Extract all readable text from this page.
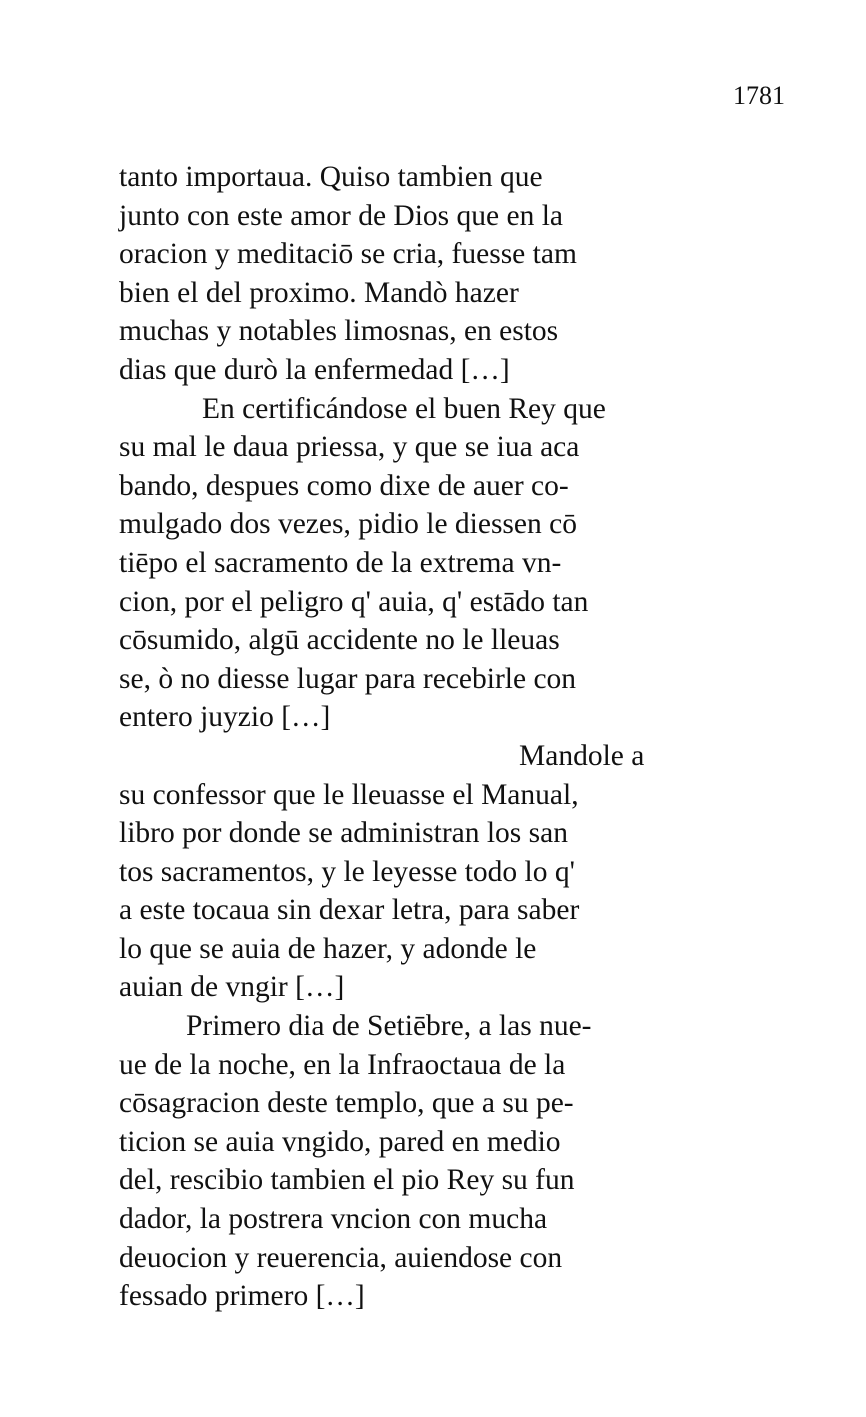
1781
tanto importaua. Quiso tambien que
junto con este amor de Dios que en la
oracion y meditaciō se cria, fuesse tam
bien el del proximo. Mandò hazer
muchas y notables limosnas, en estos
dias que durò la enfermedad […]
En certificándose el buen Rey que
su mal le daua priessa, y que se iua aca
bando, despues como dixe de auer co-
mulgado dos vezes, pidio le diessen cō
tiēpo el sacramento de la extrema vn-
cion, por el peligro q' auia, q' estādo tan
cōsumido, algū accidente no le lleuas
se, ò no diesse lugar para recebirle con
entero juyzio […]
Mandole a
su confessor que le lleuasse el Manual,
libro por donde se administran los san
tos sacramentos, y le leyesse todo lo q'
a este tocaua sin dexar letra, para saber
lo que se auia de hazer, y adonde le
auian de vngir […]
Primero dia de Setiēbre, a las nue-
ue de la noche, en la Infraoctaua de la
cōsagracion deste templo, que a su pe-
ticion se auia vngido, pared en medio
del, rescibio tambien el pio Rey su fun
dador, la postrera vncion con mucha
deuocion y reuerencia, auiendose con
fessado primero […]
